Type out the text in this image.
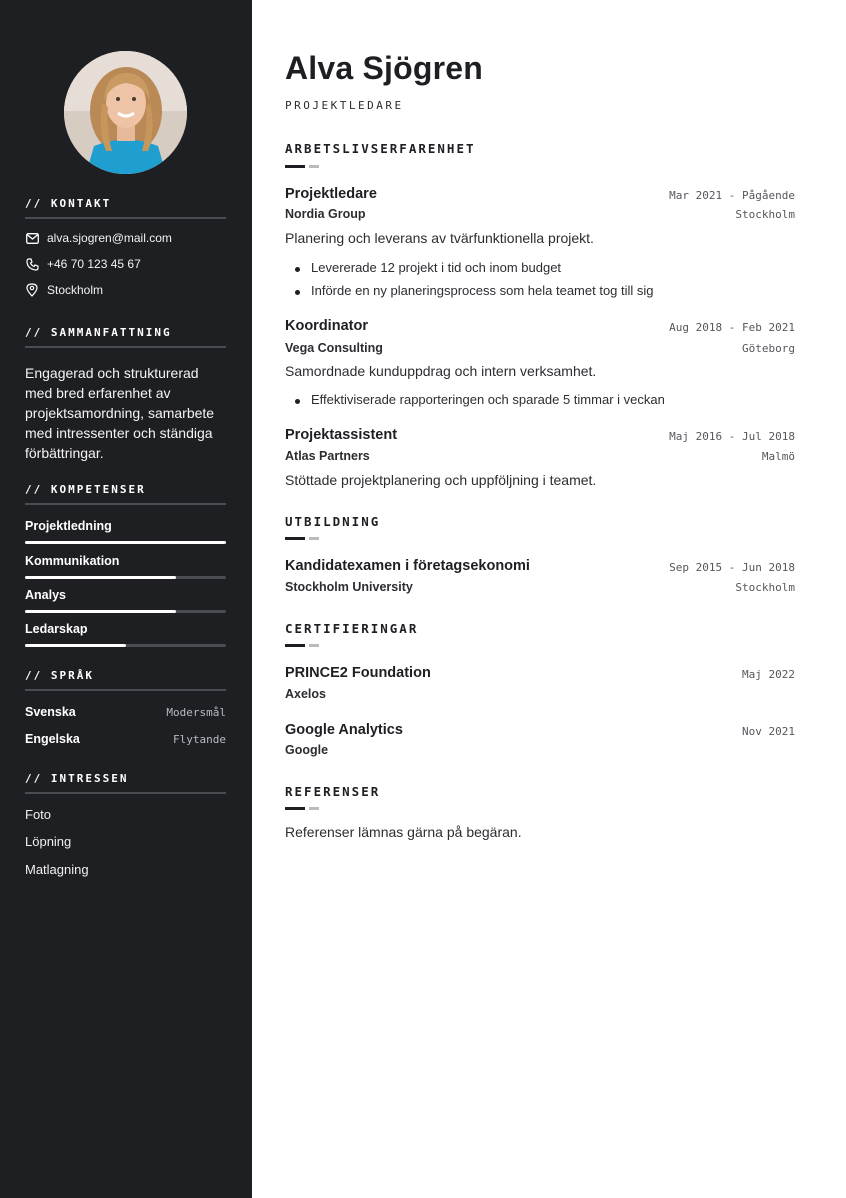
// KONTAKT
alva.sjogren@mail.com
+46 70 123 45 67
Stockholm
// SAMMANFATTNING

Engagerad och strukturerad med bred erfarenhet av projektsamordning, samarbete med intressenter och ständiga förbättringar.

// KOMPETENSER
Projektledning
Kommunikation
Analys
Ledarskap
// SPRÅK
Svenska	Modersmål
Engelska	Flytande
// INTRESSEN
Foto
Löpning
Matlagning
Alva Sjögren
PROJEKTLEDARE
ARBETSLIVSERFARENHET
Projektledare	Mar 2021 - Pågående
Nordia Group	Stockholm
Planering och leverans av tvärfunktionella projekt.
Levererade 12 projekt i tid och inom budget
Införde en ny planeringsprocess som hela teamet tog till sig
Koordinator	Aug 2018 - Feb 2021
Vega Consulting	Göteborg
Samordnade kunduppdrag och intern verksamhet.
Effektiviserade rapporteringen och sparade 5 timmar i veckan
Projektassistent	Maj 2016 - Jul 2018
Atlas Partners	Malmö
Stöttade projektplanering och uppföljning i teamet.
UTBILDNING
Kandidatexamen i företagsekonomi	Sep 2015 - Jun 2018
Stockholm University	Stockholm
CERTIFIERINGAR
PRINCE2 Foundation	Maj 2022
Axelos
Google Analytics	Nov 2021
Google
REFERENSER
Referenser lämnas gärna på begäran.
